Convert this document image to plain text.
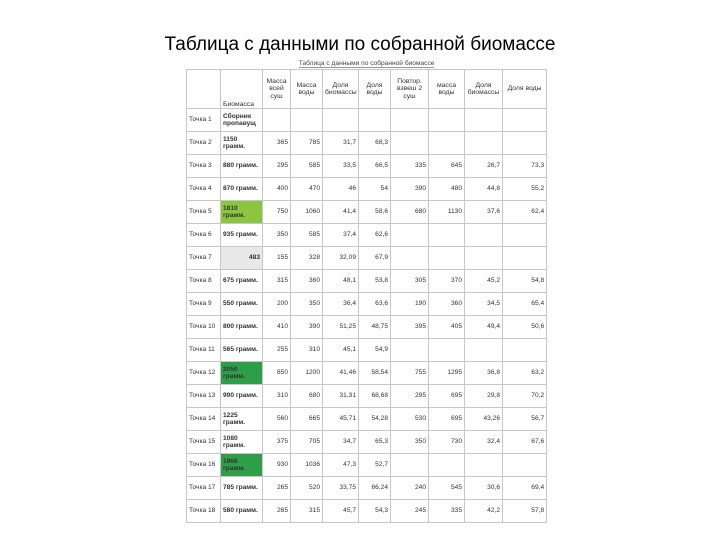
Таблица с данными по собранной биомассе
Таблица с данными по собранной биомассе									
	Биомасса	Масса всей суш	Масса воды	Доля биомассы	Доля воды	Повтор. взвеш 2 суш	масса воды	Доля биомассы	Доля воды
Точка 1	Сборник пропавущ								
Точка 2	1150 грамм.	365	785	31,7	68,3				
Точка 3	880 грамм.	295	585	33,5	66,5	335	645	26,7	73,3
Точка 4	870 грамм.	400	470	46	54	390	480	44,8	55,2
Точка 5	1810 грамм.	750	1060	41,4	58,6	680	1130	37,6	62,4
Точка 6	935 грамм.	350	585	37,4	62,6				
Точка 7	483	155	328	32,09	67,9				
Точка 8	675 грамм.	315	360	48,1	53,8	305	370	45,2	54,8
Точка 9	550 грамм.	200	350	36,4	63,6	190	360	34,5	65,4
Точка 10	800 грамм.	410	390	51,25	48,75	395	405	49,4	50,6
Точка 11	565 грамм.	255	310	45,1	54,9				
Точка 12	2050 грамм.	850	1200	41,46	58,54	755	1295	36,8	63,2
Точка 13	990 грамм.	310	680	31,31	68,68	295	695	29,8	70,2
Точка 14	1225 грамм.	560	665	45,71	54,28	530	695	43,26	56,7
Точка 15	1080 грамм.	375	705	34,7	65,3	350	730	32,4	67,6
Точка 16	1966 грамм.	930	1036	47,3	52,7				
Точка 17	785 грамм.	265	520	33,75	66,24	240	545	30,6	69,4
Точка 18	580 грамм.	265	315	45,7	54,3	245	335	42,2	57,8
